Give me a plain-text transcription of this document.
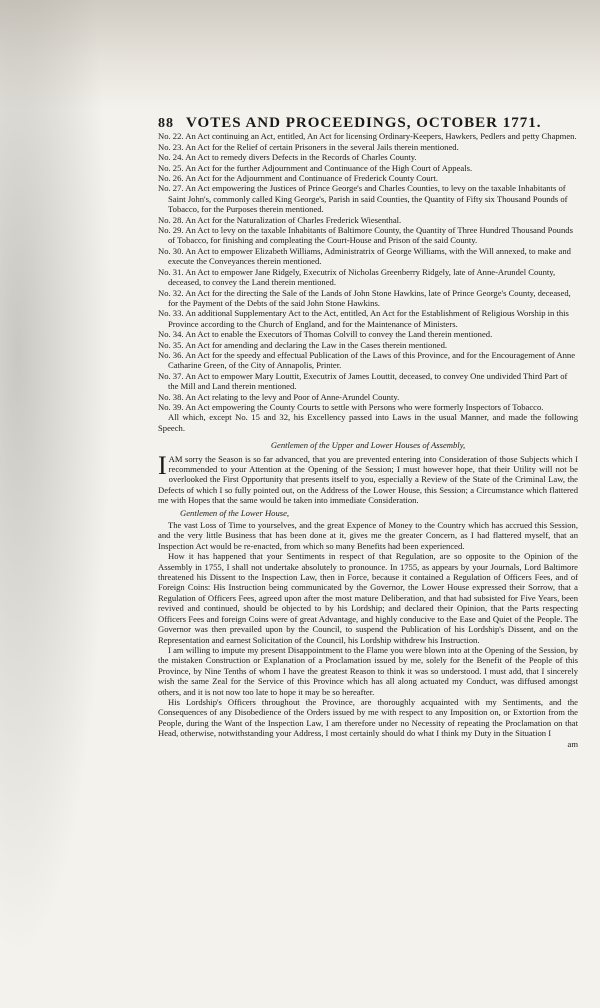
88 VOTES AND PROCEEDINGS, OCTOBER 1771.

No. 22. An Act continuing an Act, entitled, An Act for licensing Ordinary-Keepers, Hawkers, Pedlers and petty Chapmen.

No. 23. An Act for the Relief of certain Prisoners in the several Jails therein mentioned.

No. 24. An Act to remedy divers Defects in the Records of Charles County.

No. 25. An Act for the further Adjournment and Continuance of the High Court of Appeals.

No. 26. An Act for the Adjournment and Continuance of Frederick County Court.

No. 27. An Act empowering the Justices of Prince George's and Charles Counties, to levy on the taxable Inhabitants of Saint John's, commonly called King George's, Parish in said Counties, the Quantity of Fifty six Thousand Pounds of Tobacco, for the Purposes therein mentioned.

No. 28. An Act for the Naturalization of Charles Frederick Wiesenthal.

No. 29. An Act to levy on the taxable Inhabitants of Baltimore County, the Quantity of Three Hundred Thousand Pounds of Tobacco, for finishing and compleating the Court-House and Prison of the said County.

No. 30. An Act to empower Elizabeth Williams, Administratrix of George Williams, with the Will annexed, to make and execute the Conveyances therein mentioned.

No. 31. An Act to empower Jane Ridgely, Executrix of Nicholas Greenberry Ridgely, late of Anne-Arundel County, deceased, to convey the Land therein mentioned.

No. 32. An Act for the directing the Sale of the Lands of John Stone Hawkins, late of Prince George's County, deceased, for the Payment of the Debts of the said John Stone Hawkins.

No. 33. An additional Supplementary Act to the Act, entitled, An Act for the Establishment of Religious Worship in this Province according to the Church of England, and for the Maintenance of Ministers.

No. 34. An Act to enable the Executors of Thomas Colvill to convey the Land therein mentioned.

No. 35. An Act for amending and declaring the Law in the Cases therein mentioned.

No. 36. An Act for the speedy and effectual Publication of the Laws of this Province, and for the Encouragement of Anne Catharine Green, of the City of Annapolis, Printer.

No. 37. An Act to empower Mary Louttit, Executrix of James Louttit, deceased, to convey One undivided Third Part of the Mill and Land therein mentioned.

No. 38. An Act relating to the levy and Poor of Anne-Arundel County.

No. 39. An Act empowering the County Courts to settle with Persons who were formerly Inspectors of Tobacco.

All which, except No. 15 and 32, his Excellency passed into Laws in the usual Manner, and made the following Speech.

Gentlemen of the Upper and Lower Houses of Assembly,

IAM sorry the Season is so far advanced, that you are prevented entering into Consideration of those Subjects which I recommended to your Attention at the Opening of the Session; I must however hope, that their Utility will not be overlooked the First Opportunity that presents itself to you, especially a Review of the State of the Criminal Law, the Defects of which I so fully pointed out, on the Address of the Lower House, this Session; a Circumstance which flattered me with Hopes that the same would be taken into immediate Consideration.

Gentlemen of the Lower House,

The vast Loss of Time to yourselves, and the great Expence of Money to the Country which has accrued this Session, and the very little Business that has been done at it, gives me the greater Concern, as I had flattered myself, that an Inspection Act would be re-enacted, from which so many Benefits had been experienced.

How it has happened that your Sentiments in respect of that Regulation, are so opposite to the Opinion of the Assembly in 1755, I shall not undertake absolutely to pronounce. In 1755, as appears by your Journals, Lord Baltimore threatened his Dissent to the Inspection Law, then in Force, because it contained a Regulation of Officers Fees, and of Foreign Coins: His Instruction being communicated by the Governor, the Lower House expressed their Sorrow, that a Regulation of Officers Fees, agreed upon after the most mature Deliberation, and that had subsisted for Five Years, been revived and continued, should be objected to by his Lordship; and declared their Opinion, that the Parts respecting Officers Fees and foreign Coins were of great Advantage, and highly conducive to the Ease and Quiet of the People. The Governor was then prevailed upon by the Council, to suspend the Publication of his Lordship's Dissent, and on the Representation and earnest Solicitation of the Council, his Lordship withdrew his Instruction.

I am willing to impute my present Disappointment to the Flame you were blown into at the Opening of the Session, by the mistaken Construction or Explanation of a Proclamation issued by me, solely for the Benefit of the People of this Province, by Nine Tenths of whom I have the greatest Reason to think it was so understood. I must add, that I sincerely wish the same Zeal for the Service of this Province which has all along actuated my Conduct, was diffused amongst others, and it is not now too late to hope it may be so hereafter.

His Lordship's Officers throughout the Province, are thoroughly acquainted with my Sentiments, and the Consequences of any Disobedience of the Orders issued by me with respect to any Imposition on, or Extortion from the People, during the Want of the Inspection Law, I am therefore under no Necessity of repeating the Proclamation on that Head, otherwise, notwithstanding your Address, I most certainly should do what I think my Duty in the Situation I

am
